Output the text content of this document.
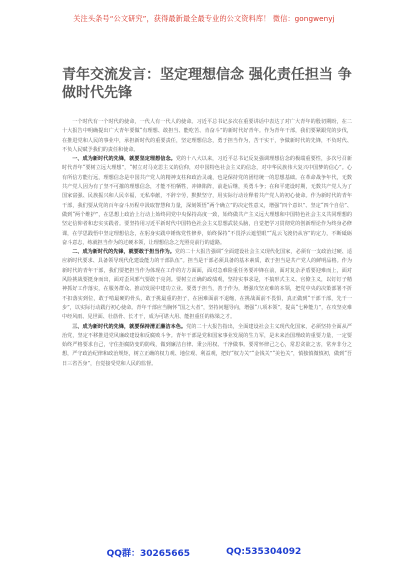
关注头条号“公文研究”，获得最新最全最专业的公文资料库！ 微信：gongwenyj
青年交流发言：坚定理想信念 强化责任担当 争做时代先锋

一个时代有一个时代的使命，一代人有一代人的使命。习近平总书记多次在重要讲话中表达了对广大青年的殷切期盼，在二十大报告中明确提出广大青年要做“有理想、敢担当、能吃苦、肯奋斗”的新时代好青年。作为青年干部，我们要紧跟党的步伐，在推进党和人民的事业中，承担新时代的重要责任，坚定理想信念，勇于担当作为，苦干实干，争做新时代的先锋，不负时代、不负人民赋予我们的责任和使命。

一、成为新时代的先锋，就要坚定理想信念。党的十八大以来，习近平总书记反复强调理想信念的极端重要性，多次号召新时代青年“要树立远大理想”，“树立对马克思主义的信仰，对中国特色社会主义的信念，对中华民族伟大复兴中国梦的信心”。心有所信方能行远，理想信念是中国共产党人的精神支柱和政治灵魂，也是保持党的团结统一的思想基础。在革命战争年代，无数共产党人因为有了坚不可摧的理想信念，才能不怕牺牲，冲锋陷阵，前赴后继，英勇斗争；在和平建设时期，无数共产党人为了国家富强、民族振兴和人民幸福，无私奉献，不辞辛劳，默默坚守，用实际行动诠释着共产党人的初心使命。作为新时代的青年干部，我们要从党的百年奋斗历程中汲取智慧和力量，深刻领悟“两个确立”的决定性意义，增强“四个意识”、坚定“四个自信”、做到“两个维护”，在思想上政治上行动上始终同党中央保持高度一致，始终做共产主义远大理想和中国特色社会主义共同理想的坚定信仰者和忠实实践者。要坚持用习近平新时代中国特色社会主义思想武装头脑，自觉把学习贯彻党的创新理论作为终身必修课，在学思践悟中坚定理想信念，在躬身实践中锤炼党性修养，始终保持“不畏浮云遮望眼”“乱云飞渡仍从容”的定力，不断砥砺奋斗意志，练就担当作为的过硬本领，让理想信念之光照亮前行的道路。

二、成为新时代的先锋，就要敢于担当作为。党的二十大报告强调“全面建设社会主义现代化国家，必须有一支政治过硬、适应新时代要求、具备领导现代化建设能力的干部队伍”。担当是干部必须具备的基本素质，敢于担当是共产党人的鲜明品格。作为新时代的青年干部，我们要把担当作为体现在工作的方方面面，面对急难险重任务要冲锋在前，面对复杂矛盾要迎难而上，面对风险挑战要挺身而出，面对歪风邪气要敢于亮剑。要树立正确的政绩观，坚持实事求是，不搞形式主义、官僚主义，以钉钉子精神抓好工作落实，在服务群众、推动发展中建功立业。要勇于担当，善于作为，增强攻坚克难的本领，把党中央的决策部署不折不扣落实到位，敢于啃最硬的骨头，敢于挑最重的担子，在困难面前不退缩，在挑战面前不畏惧，真正做到“干部干部，先干一步”，以实际行动践行初心使命。青年干部应当胸怀“国之大者”，坚持问题导向，增强“八项本领”，提高“七种能力”，在攻坚克难中经风雨、见世面、壮筋骨、长才干，成为可堪大用、能担重任的栋梁之才。

三、成为新时代的先锋，就要保持清正廉洁本色。党的二十大报告指出，全面建设社会主义现代化国家，必须坚持全面从严治党，坚定不移推进党风廉政建设和反腐败斗争。青年干部是党和国家事业发展的生力军，是未来治国理政的重要力量，一定要始终严格要求自己，守住拒腐防变的防线，做到廉洁自律、秉公用权、干净做事。要常怀律己之心，常思贪欲之害，常弃非分之想，严守政治纪律和政治规矩，树立正确的权力观、地位观、利益观，把好“权力关”“金钱关”“美色关”，慎独慎微慎初，做到“吾日三省吾身”，自觉接受党和人民的监督。

QQ群：30265665	QQ:535304092
